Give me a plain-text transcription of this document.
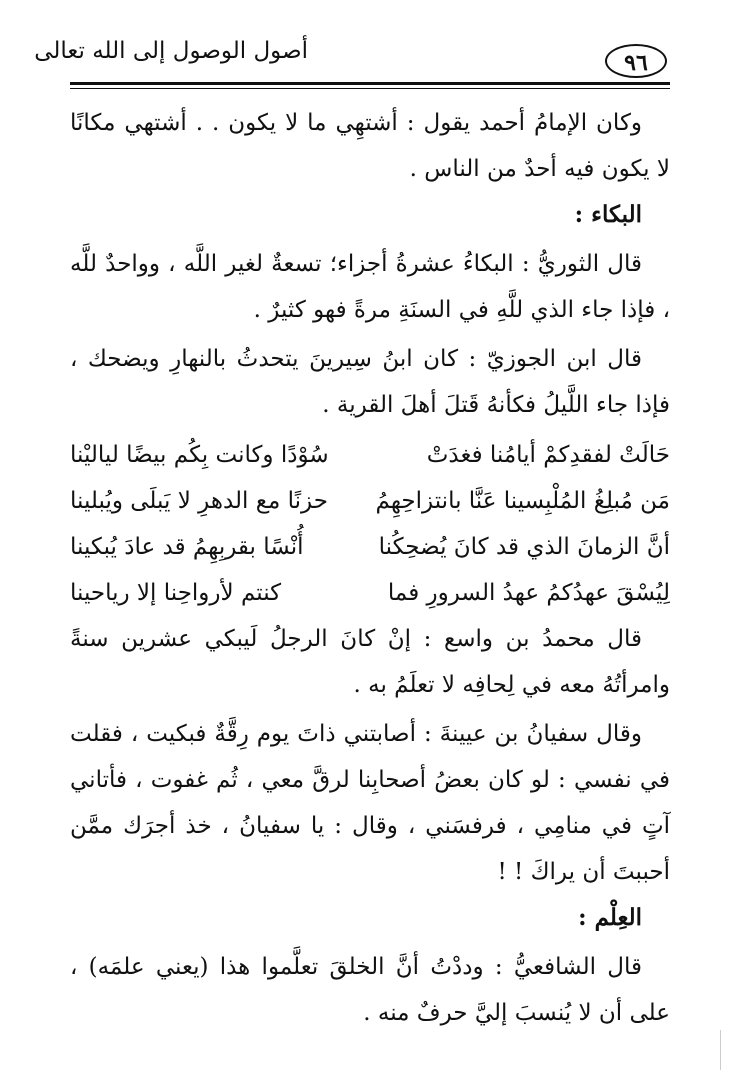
٩٦
أصول الوصول إلى الله تعالى

وكان الإمامُ أحمد يقول : أشتهِي ما لا يكون . . أشتهي مكانًا لا يكون فيه أحدٌ من الناس .

البكاء :

قال الثوريُّ : البكاءُ عشرةُ أجزاء؛ تسعةٌ لغير اللَّه ، وواحدٌ للَّه ، فإذا جاء الذي للَّهِ في السنَةِ مرةً فهو كثيرٌ .

قال ابن الجوزيّ : كان ابنُ سِيرينَ يتحدثُ بالنهارِ ويضحك ، فإذا جاء اللَّيلُ فكأنهُ قَتلَ أهلَ القرية .

حَالَتْ لفقدِكمْ أيامُنا فغدَتْ
سُوْدًا وكانت بِكُم بيضًا لياليْنا
مَن مُبلِغُ المُلْبِسينا عَنَّا بانتزاحِهِمُ
حزنًا مع الدهرِ لا يَبلَى ويُبلينا
أنَّ الزمانَ الذي قد كانَ يُضحِكُنا
أُنْسًا بقربِهِمُ قد عادَ يُبكينا
لِيُسْقَ عهدُكمُ عهدُ السرورِ فما
كنتم لأرواحِنا إلا رياحينا

قال محمدُ بن واسع : إنْ كانَ الرجلُ لَيبكي عشرين سنةً وامرأتُهُ معه في لِحافِه لا تعلَمُ به .

وقال سفيانُ بن عيينةَ : أصابتني ذاتَ يوم رِقَّةٌ فبكيت ، فقلت في نفسي : لو كان بعضُ أصحابِنا لرقَّ معي ، ثُم غفوت ، فأتاني آتٍ في منامِي ، فرفسَني ، وقال : يا سفيانُ ، خذ أجرَك ممَّن أحببتَ أن يراكَ ! !

العِلْم :

قال الشافعيُّ : وددْتُ أنَّ الخلقَ تعلَّموا هذا (يعني علمَه) ، على أن لا يُنسبَ إليَّ حرفٌ منه .
